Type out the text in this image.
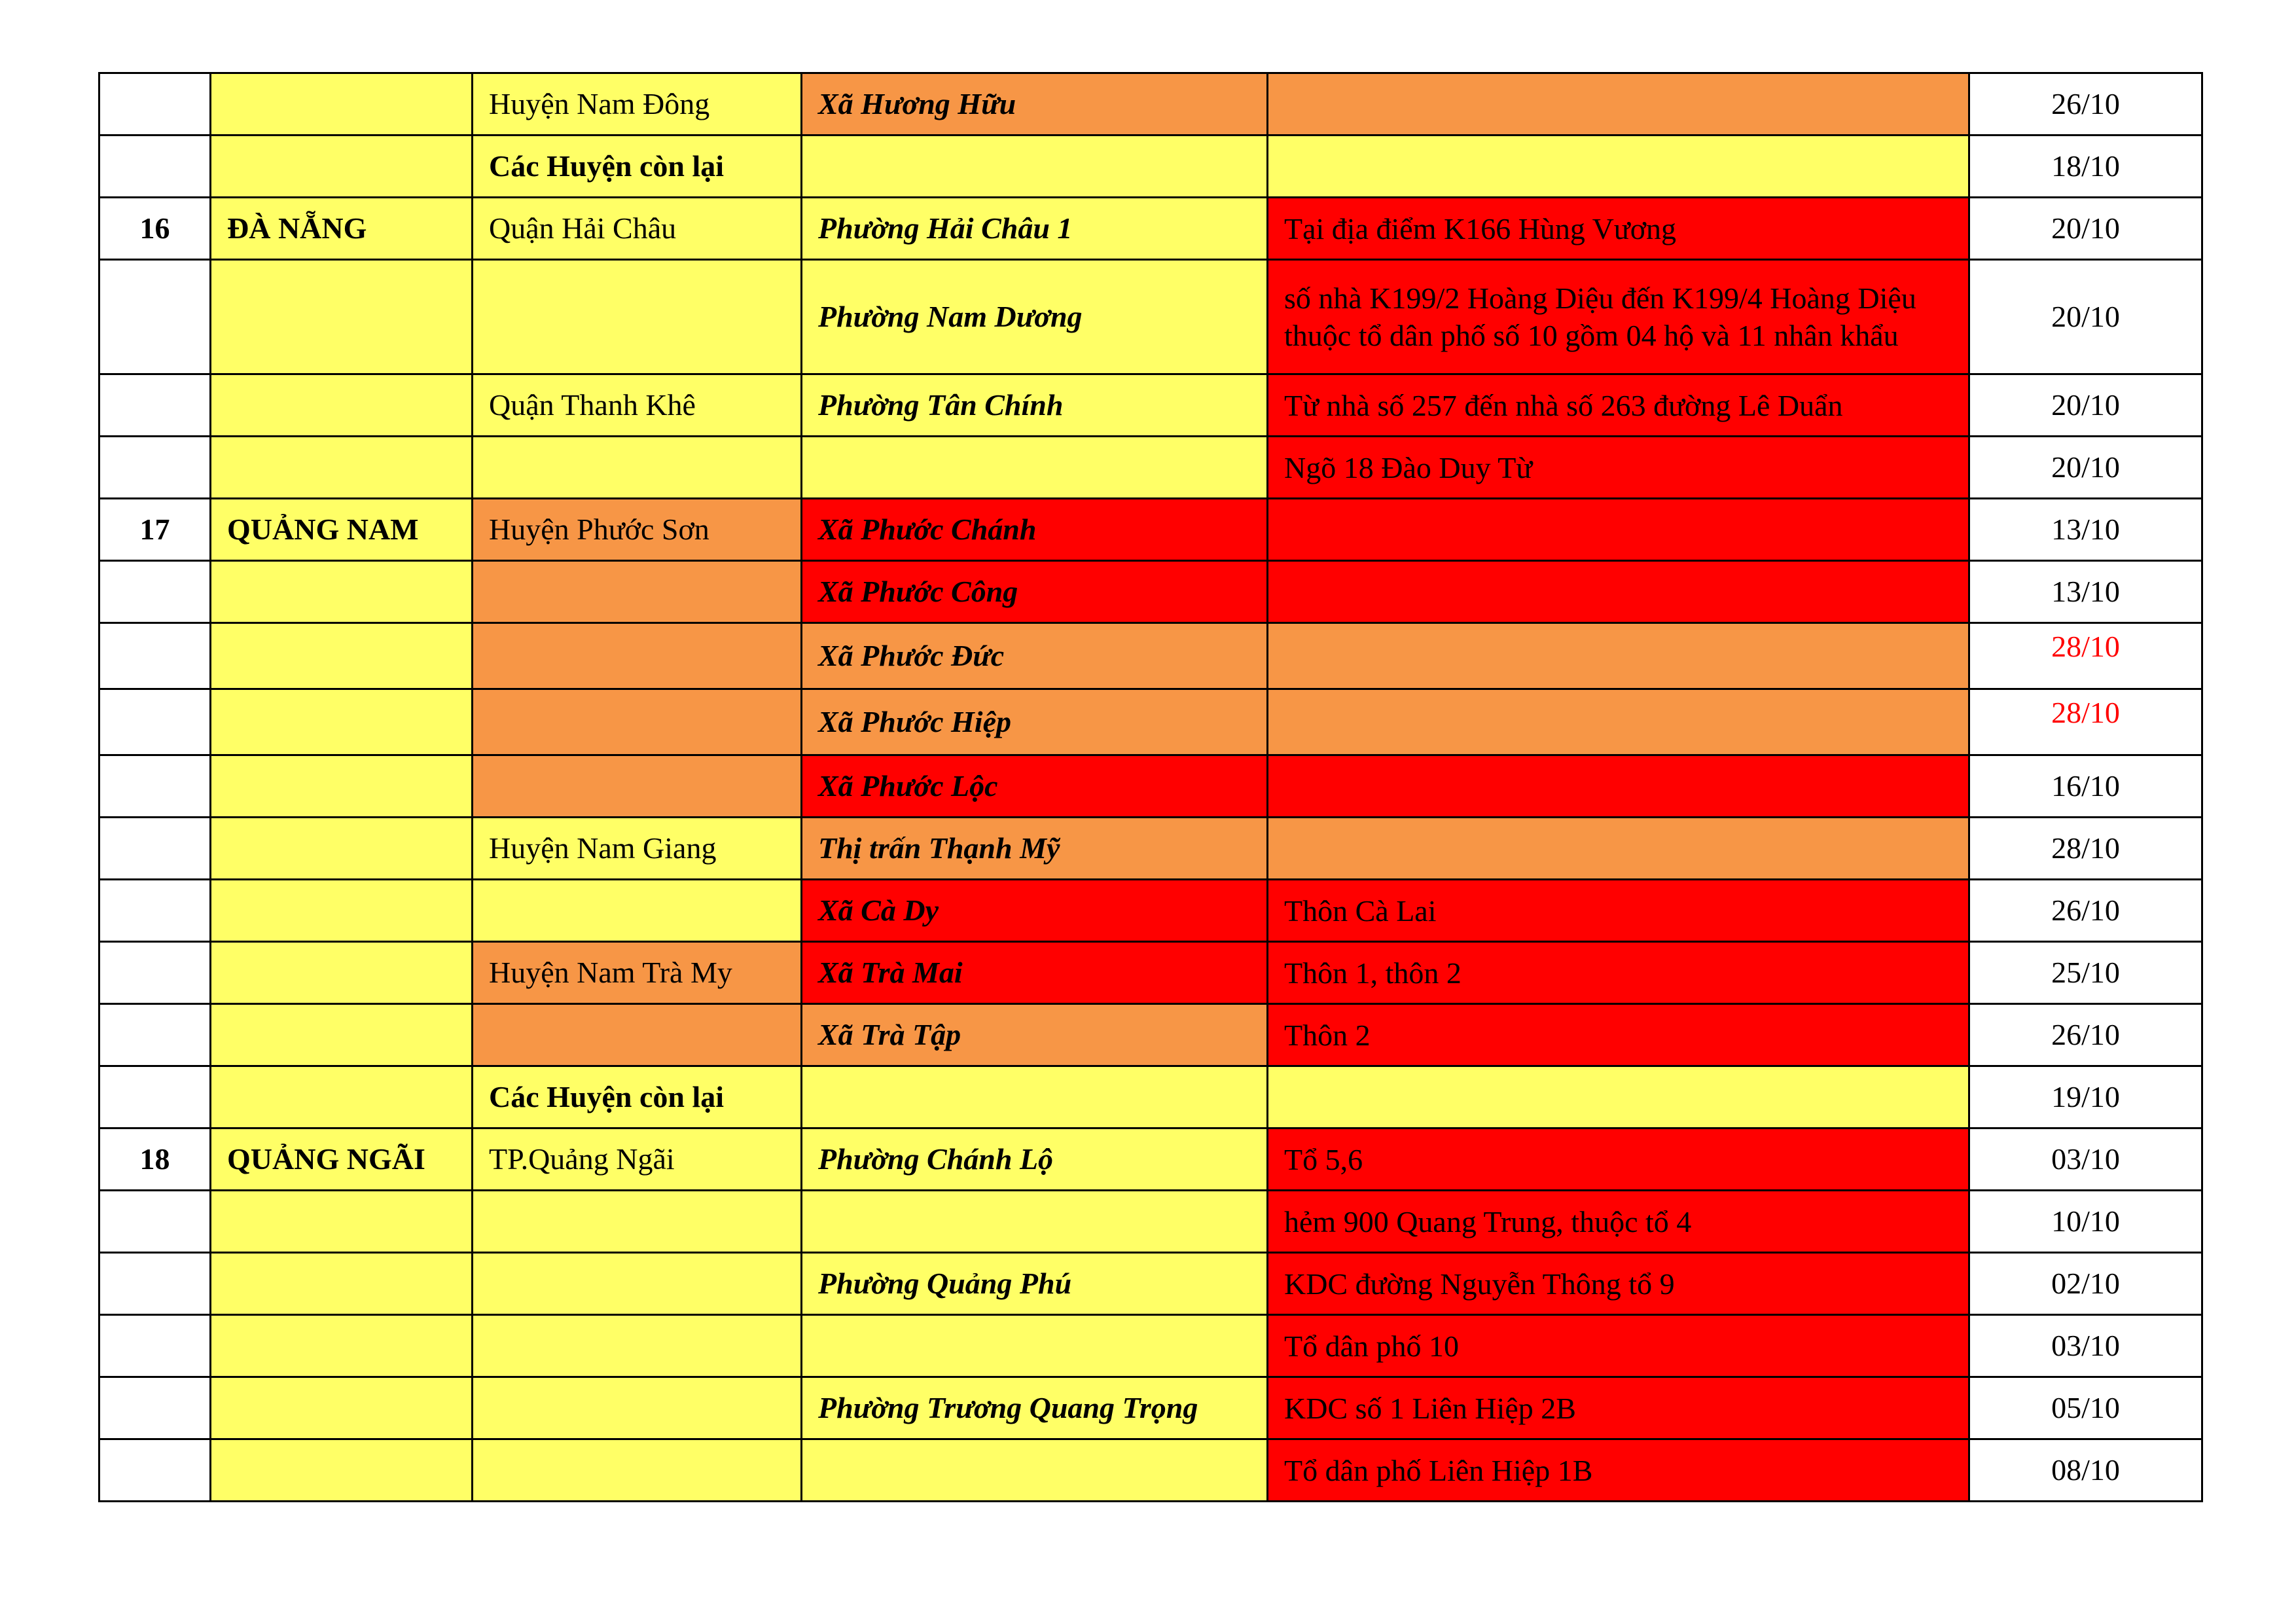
		Huyện Nam Đông	Xã Hương Hữu		26/10
		Các Huyện còn lại			18/10
16	ĐÀ NẴNG	Quận Hải Châu	Phường Hải Châu 1	Tại địa điểm K166 Hùng Vương	20/10
			Phường Nam Dương	số nhà K199/2 Hoàng Diệu đến K199/4 Hoàng Diệu thuộc tổ dân phố số 10 gồm 04 hộ và 11 nhân khẩu	20/10
		Quận Thanh Khê	Phường Tân Chính	Từ nhà số 257 đến nhà số 263 đường Lê Duẩn	20/10
				Ngõ 18 Đào Duy Từ	20/10
17	QUẢNG NAM	Huyện Phước Sơn	Xã Phước Chánh		13/10
			Xã Phước Công		13/10
			Xã Phước Đức		28/10
			Xã Phước Hiệp		28/10
			Xã Phước Lộc		16/10
		Huyện Nam Giang	Thị trấn Thạnh Mỹ		28/10
			Xã Cà Dy	Thôn Cà Lai	26/10
		Huyện Nam Trà My	Xã Trà Mai	Thôn 1, thôn 2	25/10
			Xã Trà Tập	Thôn 2	26/10
		Các Huyện còn lại			19/10
18	QUẢNG NGÃI	TP.Quảng Ngãi	Phường Chánh Lộ	Tổ 5,6	03/10
				hẻm 900 Quang Trung, thuộc tổ 4	10/10
			Phường Quảng Phú	KDC đường Nguyễn Thông tổ 9	02/10
				Tổ dân phố 10	03/10
			Phường Trương Quang Trọng	KDC số 1 Liên Hiệp 2B	05/10
				Tổ dân phố Liên Hiệp 1B	08/10
